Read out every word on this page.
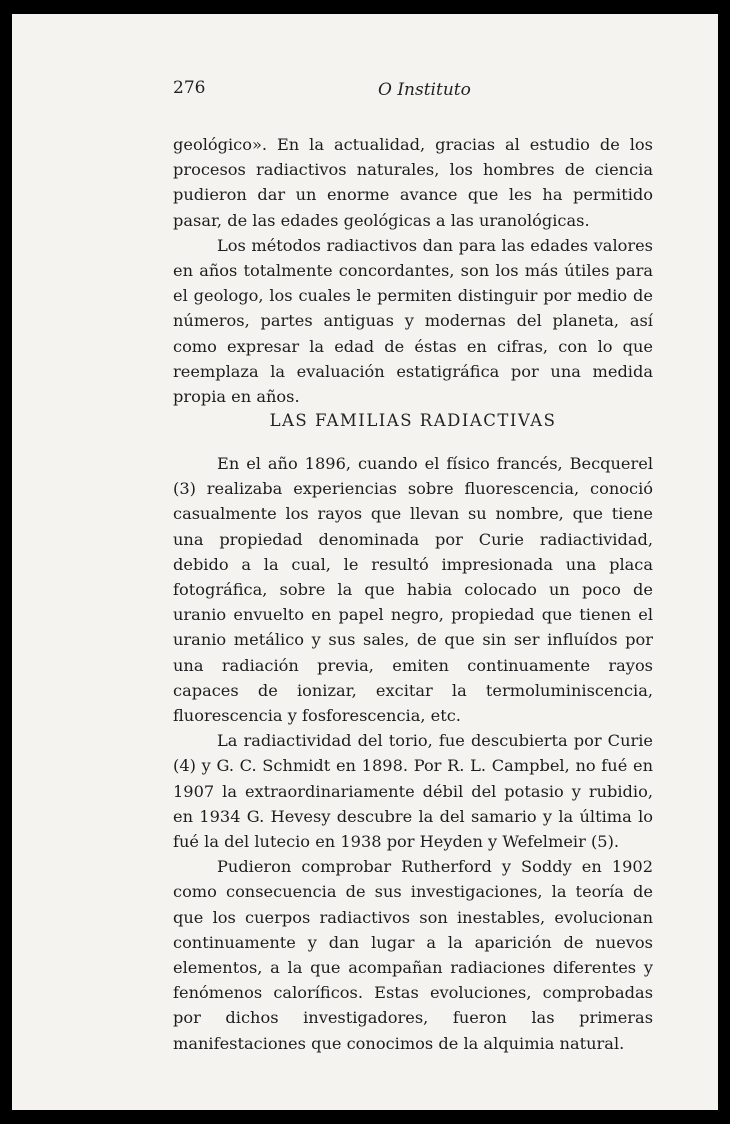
276	O Instituto

geológico». En la actualidad, gracias al estudio de los procesos radiactivos naturales, los hombres de ciencia pudieron dar un enorme avance que les ha permitido pasar, de las edades geológicas a las uranológicas.

Los métodos radiactivos dan para las edades valores en años totalmente concordantes, son los más útiles para el geologo, los cuales le permiten distinguir por medio de números, partes antiguas y modernas del planeta, así como expresar la edad de éstas en cifras, con lo que reemplaza la evaluación estatigráfica por una medida propia en años.

LAS FAMILIAS RADIACTIVAS

En el año 1896, cuando el físico francés, Becquerel (3) realizaba experiencias sobre fluorescencia, conoció casualmente los rayos que llevan su nombre, que tiene una propiedad denominada por Curie radiactividad, debido a la cual, le resultó impresionada una placa fotográfica, sobre la que habia colocado un poco de uranio envuelto en papel negro, propiedad que tienen el uranio metálico y sus sales, de que sin ser influídos por una radiación previa, emiten continuamente rayos capaces de ionizar, excitar la termoluminiscencia, fluorescencia y fosforescencia, etc.

La radiactividad del torio, fue descubierta por Curie (4) y G. C. Schmidt en 1898. Por R. L. Campbel, no fué en 1907 la extraordinariamente débil del potasio y rubidio, en 1934 G. Hevesy descubre la del samario y la última lo fué la del lutecio en 1938 por Heyden y Wefelmeir (5).

Pudieron comprobar Rutherford y Soddy en 1902 como consecuencia de sus investigaciones, la teoría de que los cuerpos radiactivos son inestables, evolucionan continuamente y dan lugar a la aparición de nuevos elementos, a la que acompañan radiaciones diferentes y fenómenos caloríficos. Estas evoluciones, comprobadas por dichos investigadores, fueron las primeras manifestaciones que conocimos de la alquimia natural.
